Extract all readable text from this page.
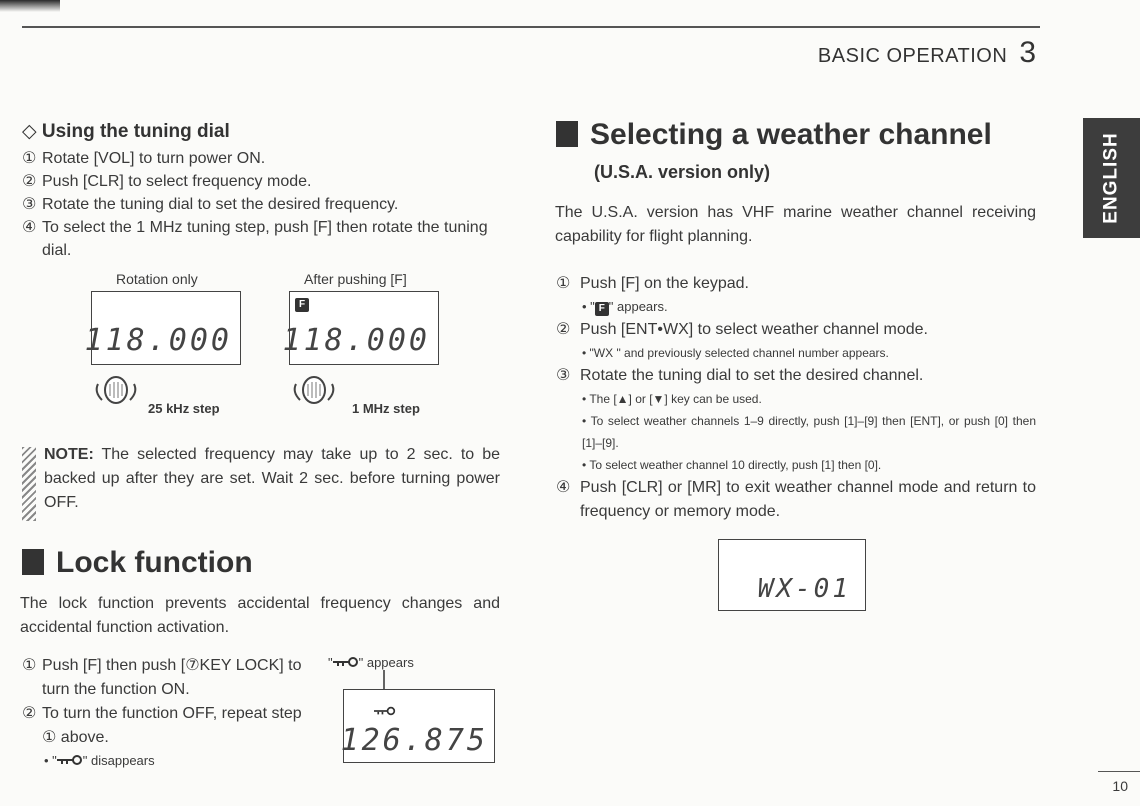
BASIC OPERATION 3
ENGLISH
◇ Using the tuning dial
① Rotate [VOL] to turn power ON.
② Push [CLR] to select frequency mode.
③ Rotate the tuning dial to set the desired frequency.
④ To select the 1 MHz tuning step, push [F] then rotate the tuning dial.
Rotation only
118.000
25 kHz step
After pushing [F]
F
118.000
1 MHz step
NOTE: The selected frequency may take up to 2 sec. to be backed up after they are set. Wait 2 sec. before turning power OFF.
Lock function
The lock function prevents accidental frequency changes and accidental function activation.
① Push [F] then push [⑦KEY LOCK] to turn the function ON.
② To turn the function OFF, repeat step ① above.
• " " disappears
" " appears
126.875
Selecting a weather channel
(U.S.A. version only)
The U.S.A. version has VHF marine weather channel receiving capability for flight planning.
① Push [F] on the keypad.
• " F " appears.
② Push [ENT•WX] to select weather channel mode.
• "WX " and previously selected channel number appears.
③ Rotate the tuning dial to set the desired channel.
• The [▲] or [▼] key can be used.
• To select weather channels 1–9 directly, push [1]–[9] then [ENT], or push [0] then [1]–[9].
• To select weather channel 10 directly, push [1] then [0].
④ Push [CLR] or [MR] to exit weather channel mode and return to frequency or memory mode.
WX-01
10
